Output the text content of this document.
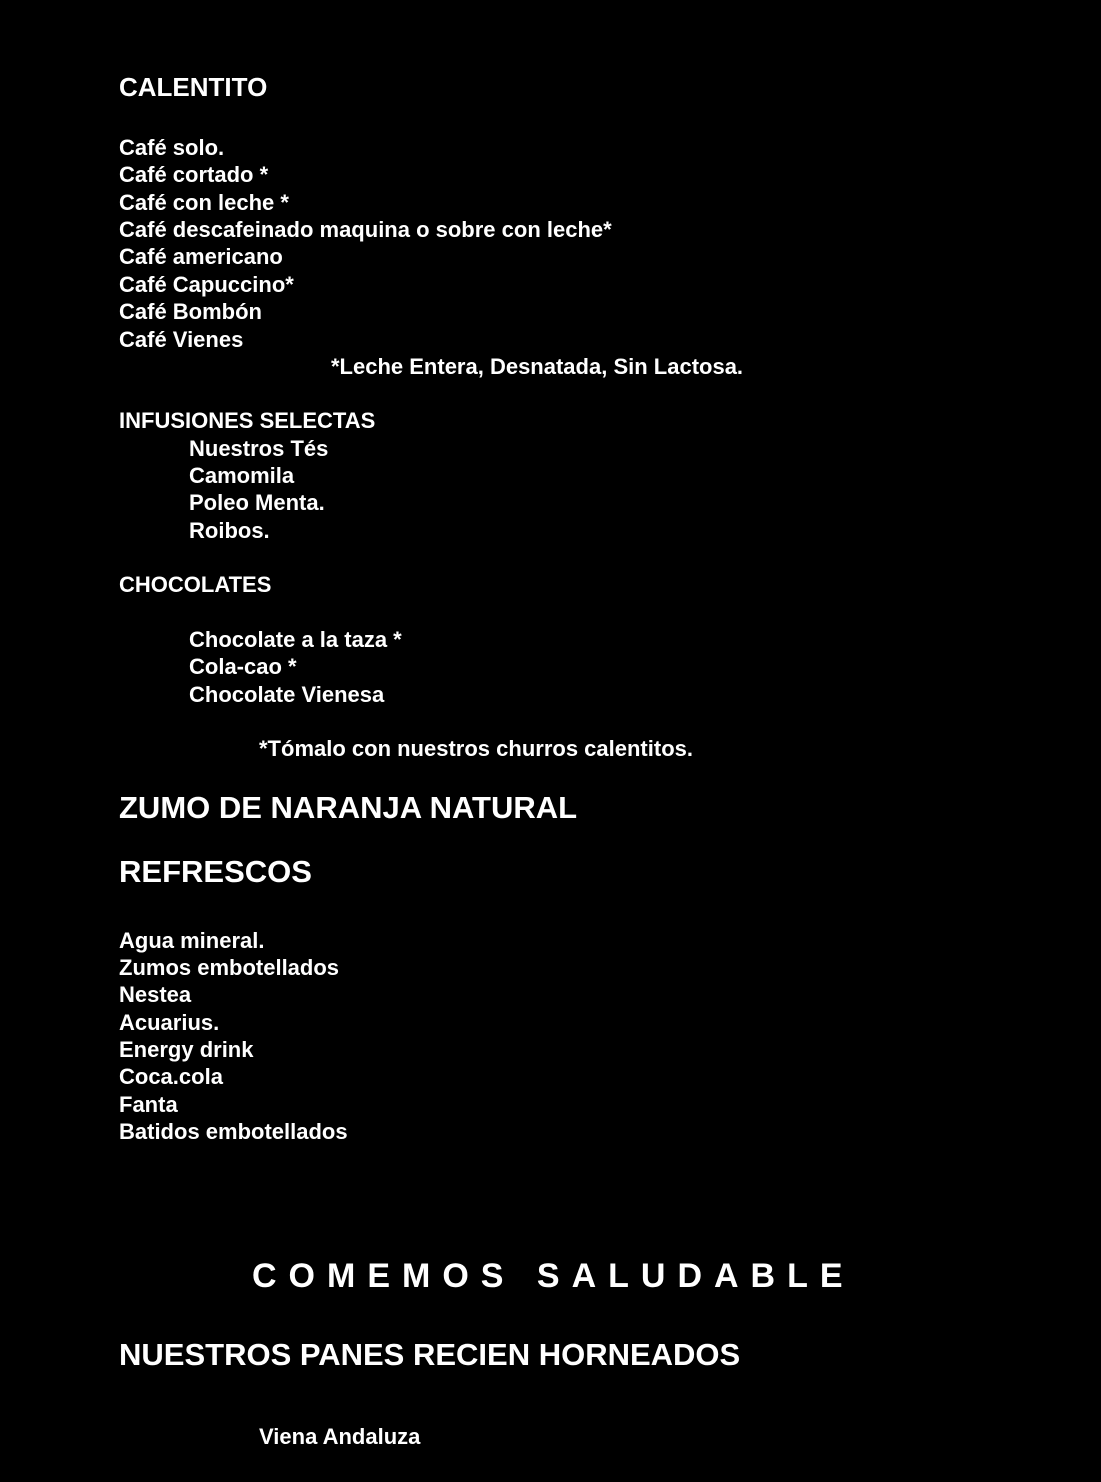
CALENTITO
Café solo.
Café cortado *
Café con leche *
Café descafeinado maquina o sobre con leche*
Café americano
Café Capuccino*
Café Bombón
Café Vienes
*Leche Entera, Desnatada, Sin Lactosa.
INFUSIONES SELECTAS
Nuestros Tés
Camomila
Poleo Menta.
Roibos.
CHOCOLATES
Chocolate a la taza *
Cola-cao *
Chocolate Vienesa
*Tómalo con nuestros churros calentitos.
ZUMO DE NARANJA NATURAL
REFRESCOS
Agua mineral.
Zumos embotellados
Nestea
Acuarius.
Energy drink
Coca.cola
Fanta
Batidos embotellados
COMEMOS SALUDABLE
NUESTROS PANES RECIEN HORNEADOS
Viena Andaluza
